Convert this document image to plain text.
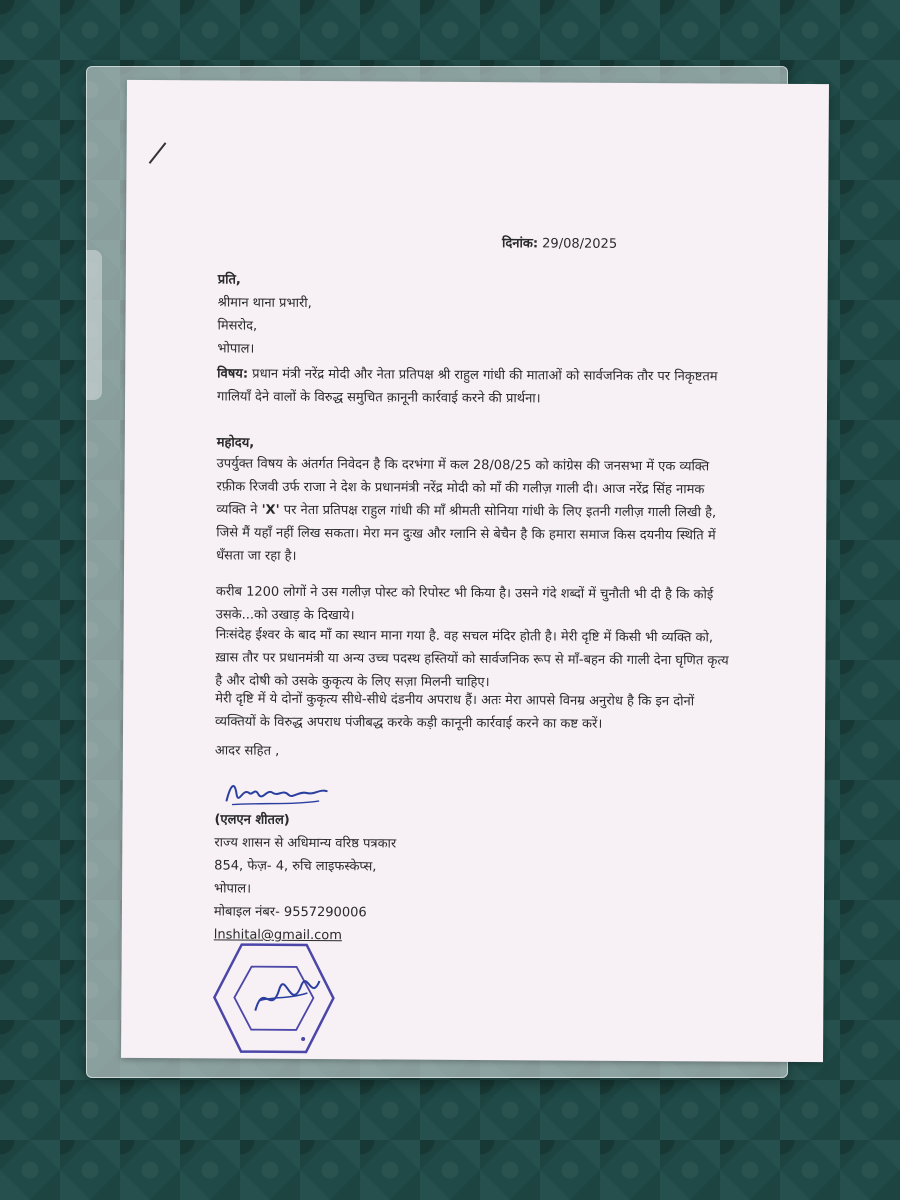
दिनांक: 29/08/2025
प्रति,
श्रीमान थाना प्रभारी,
मिसरोद,
भोपाल।
विषय: प्रधान मंत्री नरेंद्र मोदी और नेता प्रतिपक्ष श्री राहुल गांधी की माताओं को सार्वजनिक तौर पर निकृष्टतम गालियाँ देने वालों के विरुद्ध समुचित क़ानूनी कार्रवाई करने की प्रार्थना।
महोदय,
उपर्युक्त विषय के अंतर्गत निवेदन है कि दरभंगा में कल 28/08/25 को कांग्रेस की जनसभा में एक व्यक्ति रफ़ीक रिजवी उर्फ राजा ने देश के प्रधानमंत्री नरेंद्र मोदी को माँ की गलीज़ गाली दी। आज नरेंद्र सिंह नामक व्यक्ति ने 'X' पर नेता प्रतिपक्ष राहुल गांधी की माँ श्रीमती सोनिया गांधी के लिए इतनी गलीज़ गाली लिखी है, जिसे मैं यहाँ नहीं लिख सकता। मेरा मन दुःख और ग्लानि से बेचैन है कि हमारा समाज किस दयनीय स्थिति में धँसता जा रहा है।
करीब 1200 लोगों ने उस गलीज़ पोस्ट को रिपोस्ट भी किया है। उसने गंदे शब्दों में चुनौती भी दी है कि कोई उसके...को उखाड़ के दिखाये।
निःसंदेह ईश्वर के बाद माँ का स्थान माना गया है. वह सचल मंदिर होती है। मेरी दृष्टि में किसी भी व्यक्ति को, ख़ास तौर पर प्रधानमंत्री या अन्य उच्च पदस्थ हस्तियों को सार्वजनिक रूप से माँ-बहन की गाली देना घृणित कृत्य है और दोषी को उसके कुकृत्य के लिए सज़ा मिलनी चाहिए।
मेरी दृष्टि में ये दोनों कुकृत्य सीधे-सीधे दंडनीय अपराध हैं। अतः मेरा आपसे विनम्र अनुरोध है कि इन दोनों व्यक्तियों के विरुद्ध अपराध पंजीबद्ध करके कड़ी कानूनी कार्रवाई करने का कष्ट करें।
आदर सहित ,
(एलएन शीतल)
राज्य शासन से अधिमान्य वरिष्ठ पत्रकार
854, फेज़- 4, रुचि लाइफस्केप्स,
भोपाल।
मोबाइल नंबर- 9557290006
lnshital@gmail.com
